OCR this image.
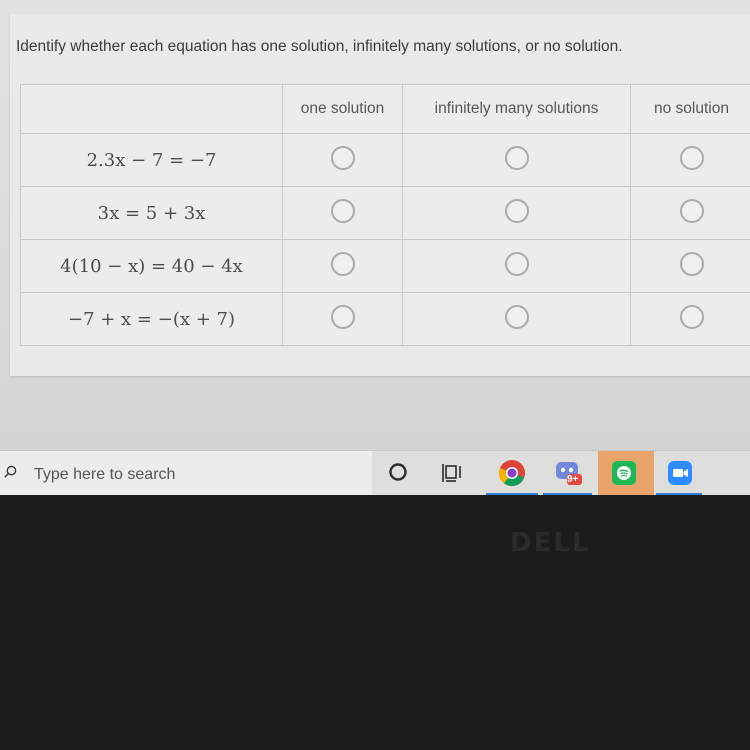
Identify whether each equation has one solution, infinitely many solutions, or no solution.
	one solution	infinitely many solutions	no solution
2.3x − 7 = −7			
3x = 5 + 3x			
4(10 − x) = 40 − 4x			
−7 + x = −(x + 7)			
Type here to search	9+
DELL
